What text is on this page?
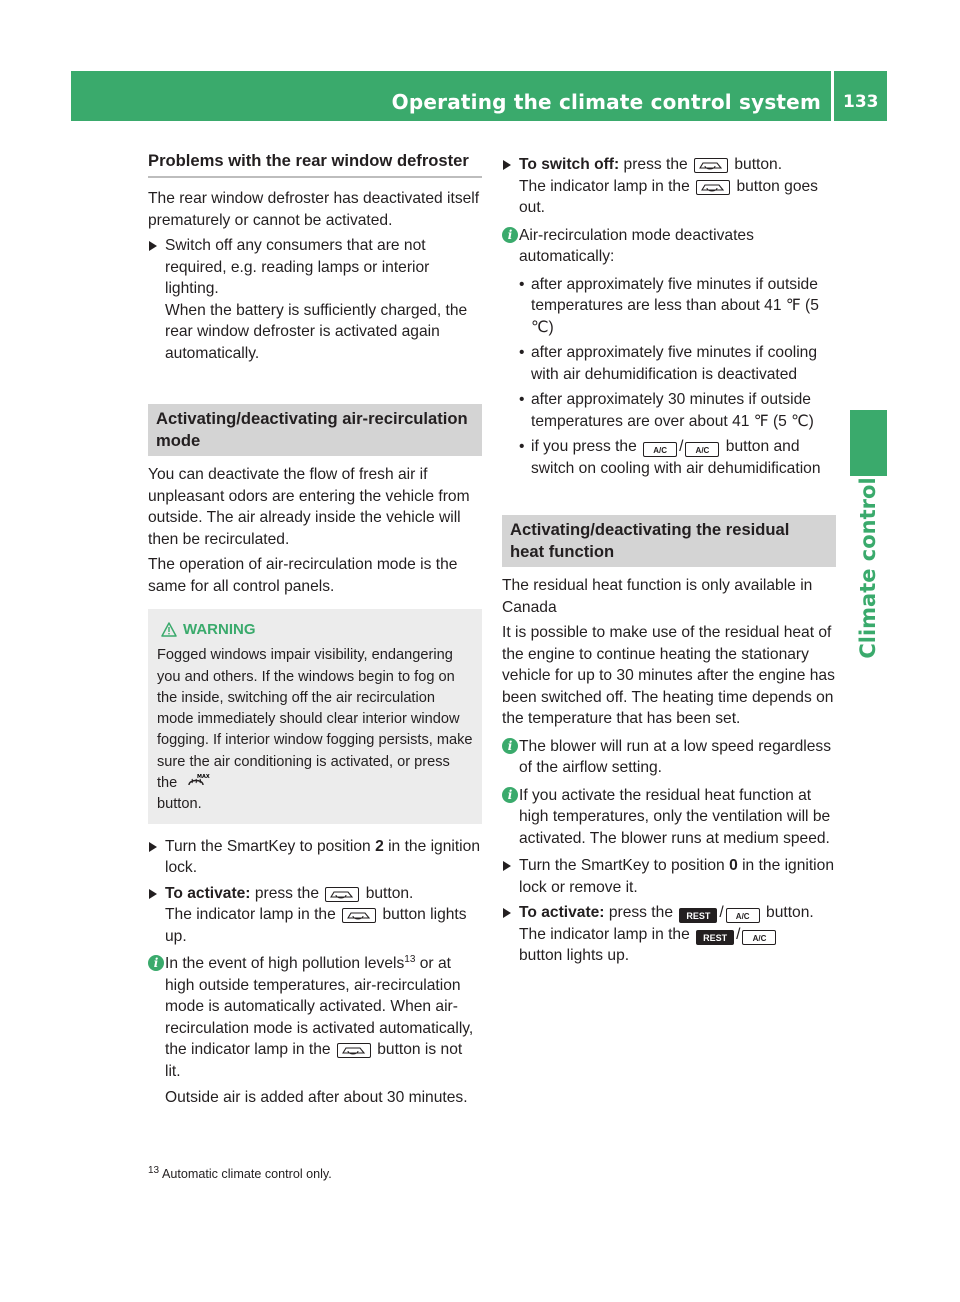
Operating the climate control system 133
Climate control
Problems with the rear window defroster

The rear window defroster has deactivated itself prematurely or cannot be activated.

Switch off any consumers that are not required, e.g. reading lamps or interior lighting.
When the battery is sufficiently charged, the rear window defroster is activated again automatically.
Activating/deactivating air-recirculation mode

You can deactivate the flow of fresh air if unpleasant odors are entering the vehicle from outside. The air already inside the vehicle will then be recirculated.

The operation of air-recirculation mode is the same for all control panels.

WARNING
Fogged windows impair visibility, endangering you and others. If the windows begin to fog on the inside, switching off the air recirculation mode immediately should clear interior window fogging. If interior window fogging persists, make sure the air conditioning is activated, or press the	MAX

button.
Turn the SmartKey to position 2 in the ignition lock.
To activate: press the	button.
The indicator lamp in the	button lights up.
i
In the event of high pollution levels$^{13}$ or at high outside temperatures, air-recirculation mode is automatically activated. When air-recirculation mode is activated automatically, the indicator lamp in the	button is not lit.

Outside air is added after about 30 minutes.

To switch off: press the	button.
The indicator lamp in the	button goes out.
i
Air-recirculation mode deactivates automatically:
• after approximately five minutes if outside temperatures are less than about 41 ℉ (5 ℃)
• after approximately five minutes if cooling with air dehumidification is deactivated
• after approximately 30 minutes if outside temperatures are over about 41 ℉ (5 ℃)
• if you press the A/C / A/C button and switch on cooling with air dehumidification
Activating/deactivating the residual heat function

The residual heat function is only available in Canada

It is possible to make use of the residual heat of the engine to continue heating the stationary vehicle for up to 30 minutes after the engine has been switched off. The heating time depends on the temperature that has been set.

i
The blower will run at a low speed regardless of the airflow setting.
i
If you activate the residual heat function at high temperatures, only the ventilation will be activated. The blower runs at medium speed.
Turn the SmartKey to position 0 in the ignition lock or remove it.
To activate: press the REST / A/C button.
The indicator lamp in the REST / A/C
button lights up.
$^{13}$ Automatic climate control only.
